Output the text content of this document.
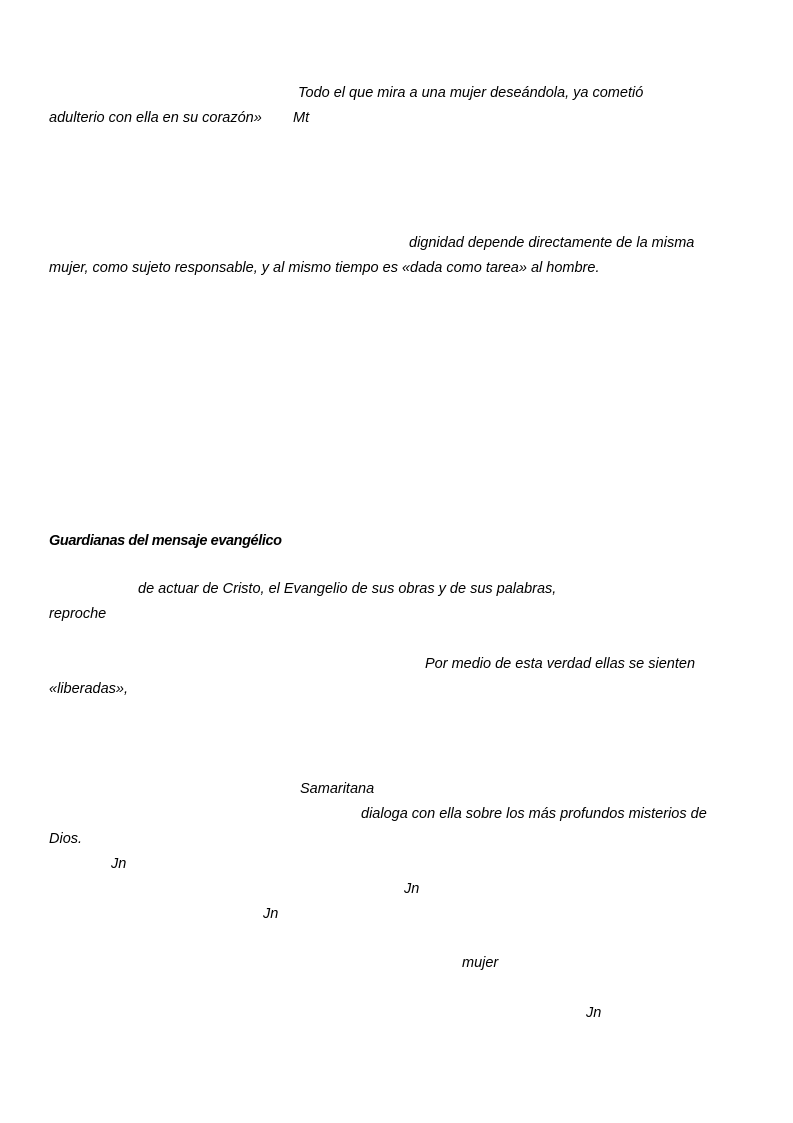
Todo el que mira a una mujer deseándola, ya cometió
adulterio con ella en su corazón» Mt
dignidad depende directamente de la misma
mujer, como sujeto responsable, y al mismo tiempo es «dada como tarea» al hombre.
Guardianas del mensaje evangélico
de actuar de Cristo, el Evangelio de sus obras y de sus palabras,
reproche
Por medio de esta verdad ellas se sienten
«liberadas»,
Samaritana
dialoga con ella sobre los más profundos misterios de
Dios.
Jn
Jn
Jn
mujer
Jn
